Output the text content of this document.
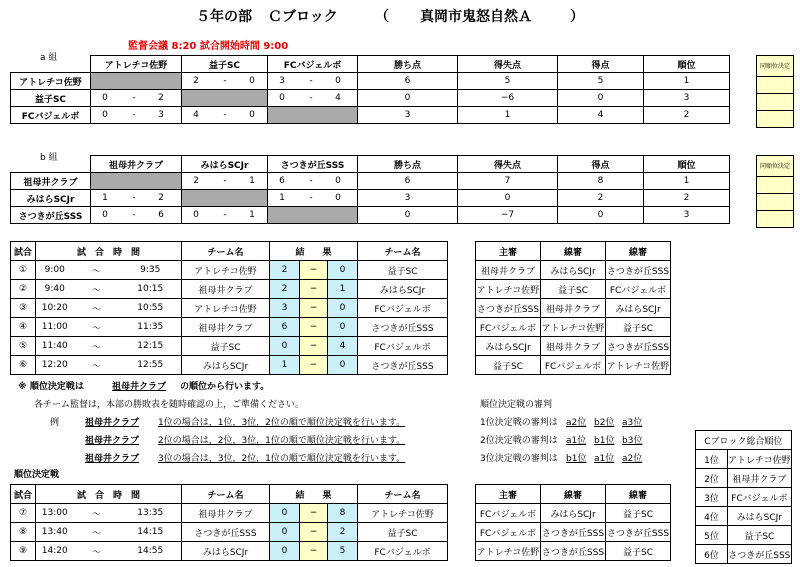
５年の部 Ｃブロック	（ 真岡市鬼怒自然Ａ	）
監督会議 8:20 試合開始時間 9:00
a 組
	アトレチコ佐野	益子SC	FCバジェルボ	勝ち点	得失点	得点	順位
アトレチコ佐野		2 - 0	3 - 0	6	5	5	1
益子SC	0 - 2		0 - 4	0	−6	0	3
FCバジェルボ	0 - 3	4 - 0		3	1	4	2
b 組
	祖母井クラブ	みはらSCJr	さつきが丘SSS	勝ち点	得失点	得点	順位
祖母井クラブ		2 - 1	6 - 0	6	7	8	1
みはらSCJr	1 - 2		1 - 0	3	0	2	2
さつきが丘SSS	0 - 6	0 - 1		0	−7	0	3
同順位決定

同順位決定

試合	試　合　時　間			チーム名	結　　果			チーム名
①	9:00	〜	9:35	アトレチコ佐野	2	−	0	益子SC
②	9:40	〜	10:15	祖母井クラブ	2	−	1	みはらSCJr
③	10:20	〜	10:55	アトレチコ佐野	3	−	0	FCバジェルボ
④	11:00	〜	11:35	祖母井クラブ	6	−	0	さつきが丘SSS
⑤	11:40	〜	12:15	益子SC	0	−	4	FCバジェルボ
⑥	12:20	〜	12:55	みはらSCJr	1	−	0	さつきが丘SSS
主審	線審	線審
祖母井クラブ	みはらSCJr	さつきが丘SSS
アトレチコ佐野	益子SC	FCバジェルボ
さつきが丘SSS	祖母井クラブ	みはらSCJr
FCバジェルボ	アトレチコ佐野	益子SC
みはらSCJr	祖母井クラブ	さつきが丘SSS
益子SC	FCバジェルボ	アトレチコ佐野
※ 順位決定戦は	祖母井クラブ の順位から行います。
各チーム監督は，本部の勝敗表を随時確認の上，ご準備ください。
例	祖母井クラブ 1位の場合は，1位，3位，2位の順で順位決定戦を行います。
祖母井クラブ 2位の場合は，2位，3位，1位の順で順位決定戦を行います。
祖母井クラブ 3位の場合は，3位，2位，1位の順で順位決定戦を行います。
順位決定戦の審判
1位決定戦の審判は a2位 b2位 a3位
2位決定戦の審判は a1位 b1位 b3位
3位決定戦の審判は b1位 a1位 a2位
順位決定戦
試合	試　合　時　間			チーム名	結　　果			チーム名
⑦	13:00	〜	13:35	祖母井クラブ	0	−	8	アトレチコ佐野
⑧	13:40	〜	14:15	さつきが丘SSS	0	−	2	益子SC
⑨	14:20	〜	14:55	みはらSCJr	0	−	5	FCバジェルボ
主審	線審	線審
FCバジェルボ	みはらSCJr	益子SC
FCバジェルボ	さつきが丘SSS	さつきが丘SSS
アトレチコ佐野	さつきが丘SSS	益子SC
Cブロック総合順位	
1位	アトレチコ佐野
2位	祖母井クラブ
3位	FCバジェルボ
4位	みはらSCJr
5位	益子SC
6位	さつきが丘SSS
